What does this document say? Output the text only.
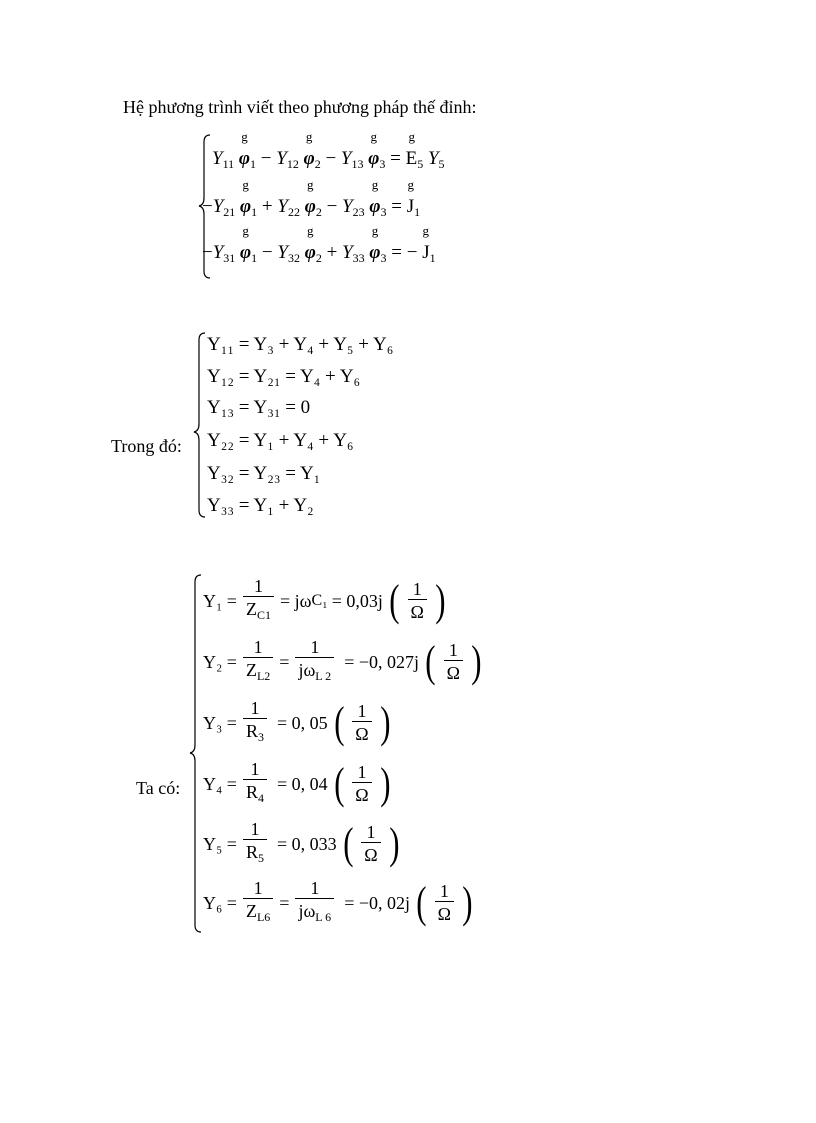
Hệ phương trình viết theo phương pháp thế đỉnh:
$Y_{11}$ φ
g
$_1 - Y_{12}$ φ
g
$_2 - Y_{13}$ φ
g
$_3$ = E
g
$_5$ $Y_5$
$-Y_{21}$ φ
g
$_1 + Y_{22}$ φ
g
$_2 - Y_{23}$ φ
g
$_3$ = J
g
$_1$
$-Y_{31}$ φ
g
$_1 - Y_{32}$ φ
g
$_2 + Y_{33}$ φ
g
$_3$ = − J
g
$_1$
Trong đó:
Y₁₁ = Y₃ + Y₄ + Y₅ + Y₆
Y₁₂ = Y₂₁ = Y₄ + Y₆
Y₁₃ = Y₃₁ = 0
Y₂₂ = Y₁ + Y₄ + Y₆
Y₃₂ = Y₂₃ = Y₁
Y₃₃ = Y₁ + Y₂
Ta có:
$Y_1 = \frac{1}{Z_{C1}} = j\omega$ C₁ = 0,03j ( $\frac{1}{\Omega}$ )
$Y_2 = \frac{1}{Z_{L2}} = \frac{1}{j\omega_{L 2}} = -0$, 027j ( $\frac{1}{\Omega}$ )
$Y_3 = \frac{1}{R_3} = 0$, 05 ( $\frac{1}{\Omega}$ )
$Y_4 = \frac{1}{R_4} = 0$, 04 ( $\frac{1}{\Omega}$ )
$Y_5 = \frac{1}{R_5} = 0$, 033 ( $\frac{1}{\Omega}$ )
$Y_6 = \frac{1}{Z_{L6}} = \frac{1}{j\omega_{L 6}} = -0$, 02j ( $\frac{1}{\Omega}$ )
